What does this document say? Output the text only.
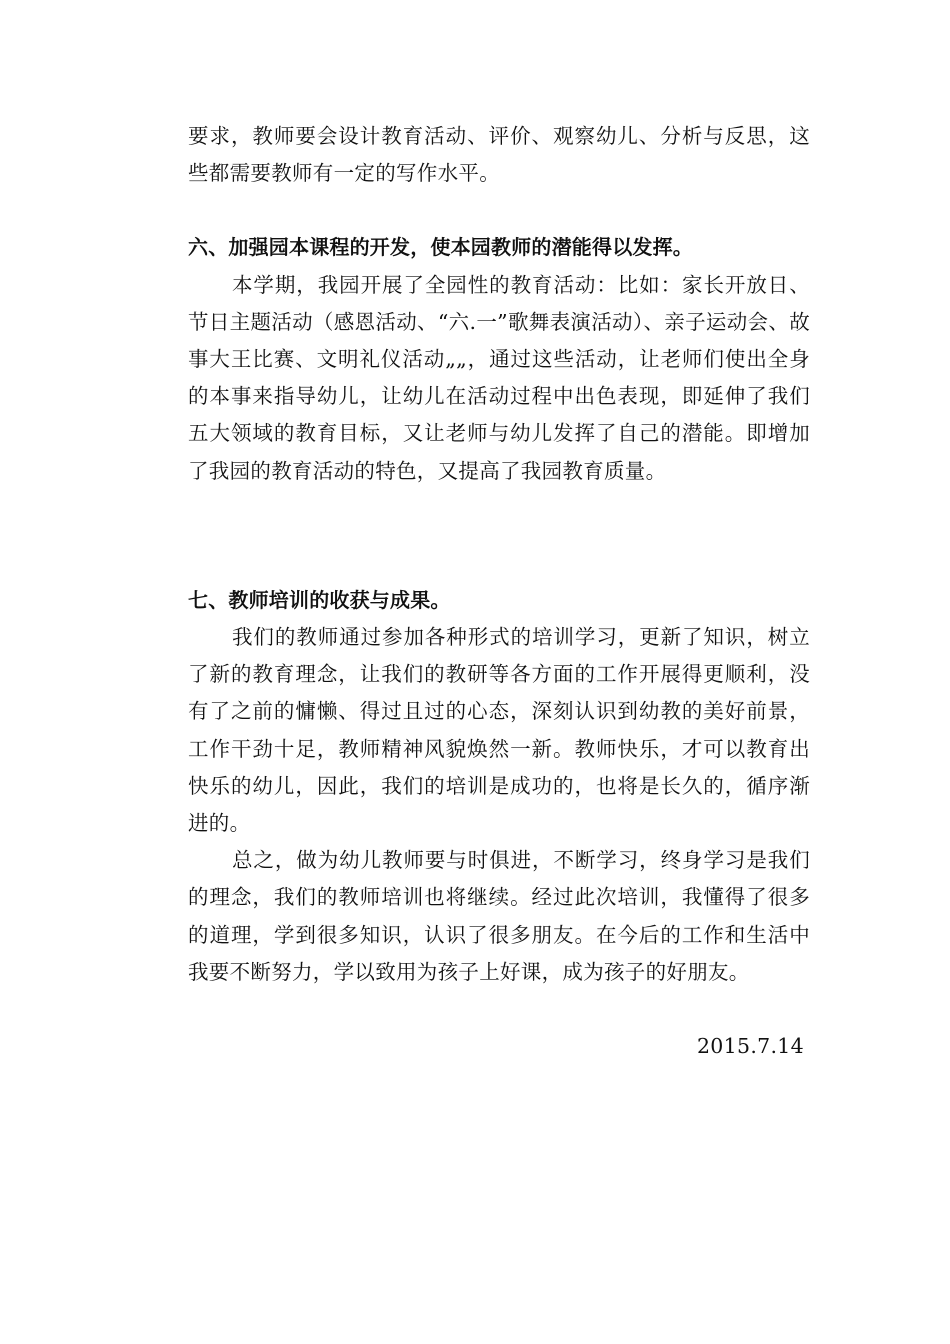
要求，教师要会设计教育活动、评价、观察幼儿、分析与反思，这些都需要教师有一定的写作水平。

六、加强园本课程的开发，使本园教师的潜能得以发挥。

本学期，我园开展了全园性的教育活动：比如：家长开放日、节日主题活动（感恩活动、“六.一”歌舞表演活动）、亲子运动会、故事大王比赛、文明礼仪活动„„，通过这些活动，让老师们使出全身的本事来指导幼儿，让幼儿在活动过程中出色表现，即延伸了我们五大领域的教育目标，又让老师与幼儿发挥了自己的潜能。即增加了我园的教育活动的特色，又提高了我园教育质量。

七、教师培训的收获与成果。

我们的教师通过参加各种形式的培训学习，更新了知识，树立了新的教育理念，让我们的教研等各方面的工作开展得更顺利，没有了之前的慵懒、得过且过的心态，深刻认识到幼教的美好前景，工作干劲十足，教师精神风貌焕然一新。教师快乐，才可以教育出快乐的幼儿，因此，我们的培训是成功的，也将是长久的，循序渐进的。

总之，做为幼儿教师要与时俱进，不断学习，终身学习是我们的理念，我们的教师培训也将继续。经过此次培训，我懂得了很多的道理，学到很多知识，认识了很多朋友。在今后的工作和生活中我要不断努力，学以致用为孩子上好课，成为孩子的好朋友。

2015.7.14
